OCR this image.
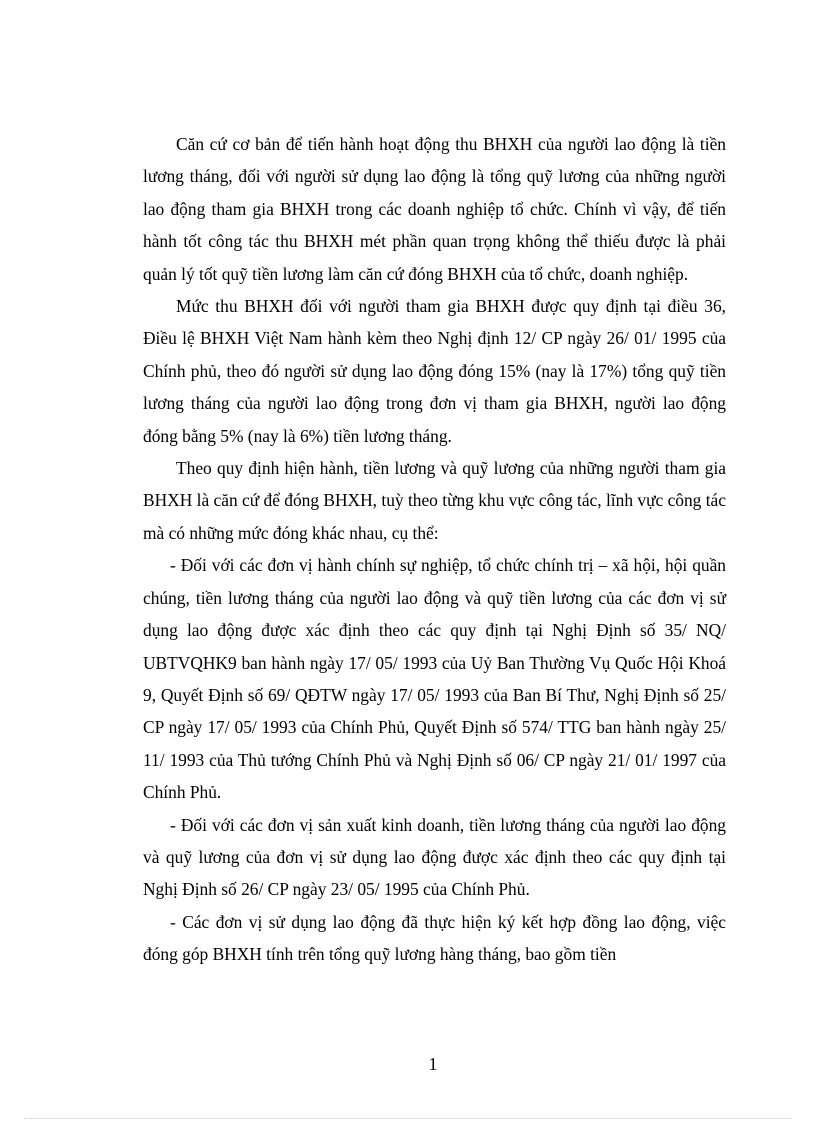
Căn cứ cơ bản để tiến hành hoạt động thu BHXH của người lao động là tiền lương tháng, đối với người sử dụng lao động là tổng quỹ lương của những người lao động tham gia BHXH trong các doanh nghiệp tổ chức. Chính vì vậy, để tiến hành tốt công tác thu BHXH mét phần quan trọng không thể thiếu được là phải quản lý tốt quỹ tiền lương làm căn cứ đóng BHXH của tổ chức, doanh nghiệp.

Mức thu BHXH đối với người tham gia BHXH được quy định tại điều 36, Điều lệ BHXH Việt Nam hành kèm theo Nghị định 12/ CP ngày 26/ 01/ 1995 của Chính phủ, theo đó người sử dụng lao động đóng 15% (nay là 17%) tổng quỹ tiền lương tháng của người lao động trong đơn vị tham gia BHXH, người lao động đóng bằng 5% (nay là 6%) tiền lương tháng.

Theo quy định hiện hành, tiền lương và quỹ lương của những người tham gia BHXH là căn cứ để đóng BHXH, tuỳ theo từng khu vực công tác, lĩnh vực công tác mà có những mức đóng khác nhau, cụ thể:

- Đối với các đơn vị hành chính sự nghiệp, tổ chức chính trị – xã hội, hội quần chúng, tiền lương tháng của người lao động và quỹ tiền lương của các đơn vị sử dụng lao động được xác định theo các quy định tại Nghị Định số 35/ NQ/ UBTVQHK9 ban hành ngày 17/ 05/ 1993 của Uỷ Ban Thường Vụ Quốc Hội Khoá 9, Quyết Định số 69/ QĐTW ngày 17/ 05/ 1993 của Ban Bí Thư, Nghị Định số 25/ CP ngày 17/ 05/ 1993 của Chính Phủ, Quyết Định số 574/ TTG ban hành ngày 25/ 11/ 1993 của Thủ tướng Chính Phủ và Nghị Định số 06/ CP ngày 21/ 01/ 1997 của Chính Phủ.

- Đối với các đơn vị sản xuất kinh doanh, tiền lương tháng của người lao động và quỹ lương của đơn vị sử dụng lao động được xác định theo các quy định tại Nghị Định số 26/ CP ngày 23/ 05/ 1995 của Chính Phủ.

- Các đơn vị sử dụng lao động đã thực hiện ký kết hợp đồng lao động, việc đóng góp BHXH tính trên tổng quỹ lương hàng tháng, bao gồm tiền

1
